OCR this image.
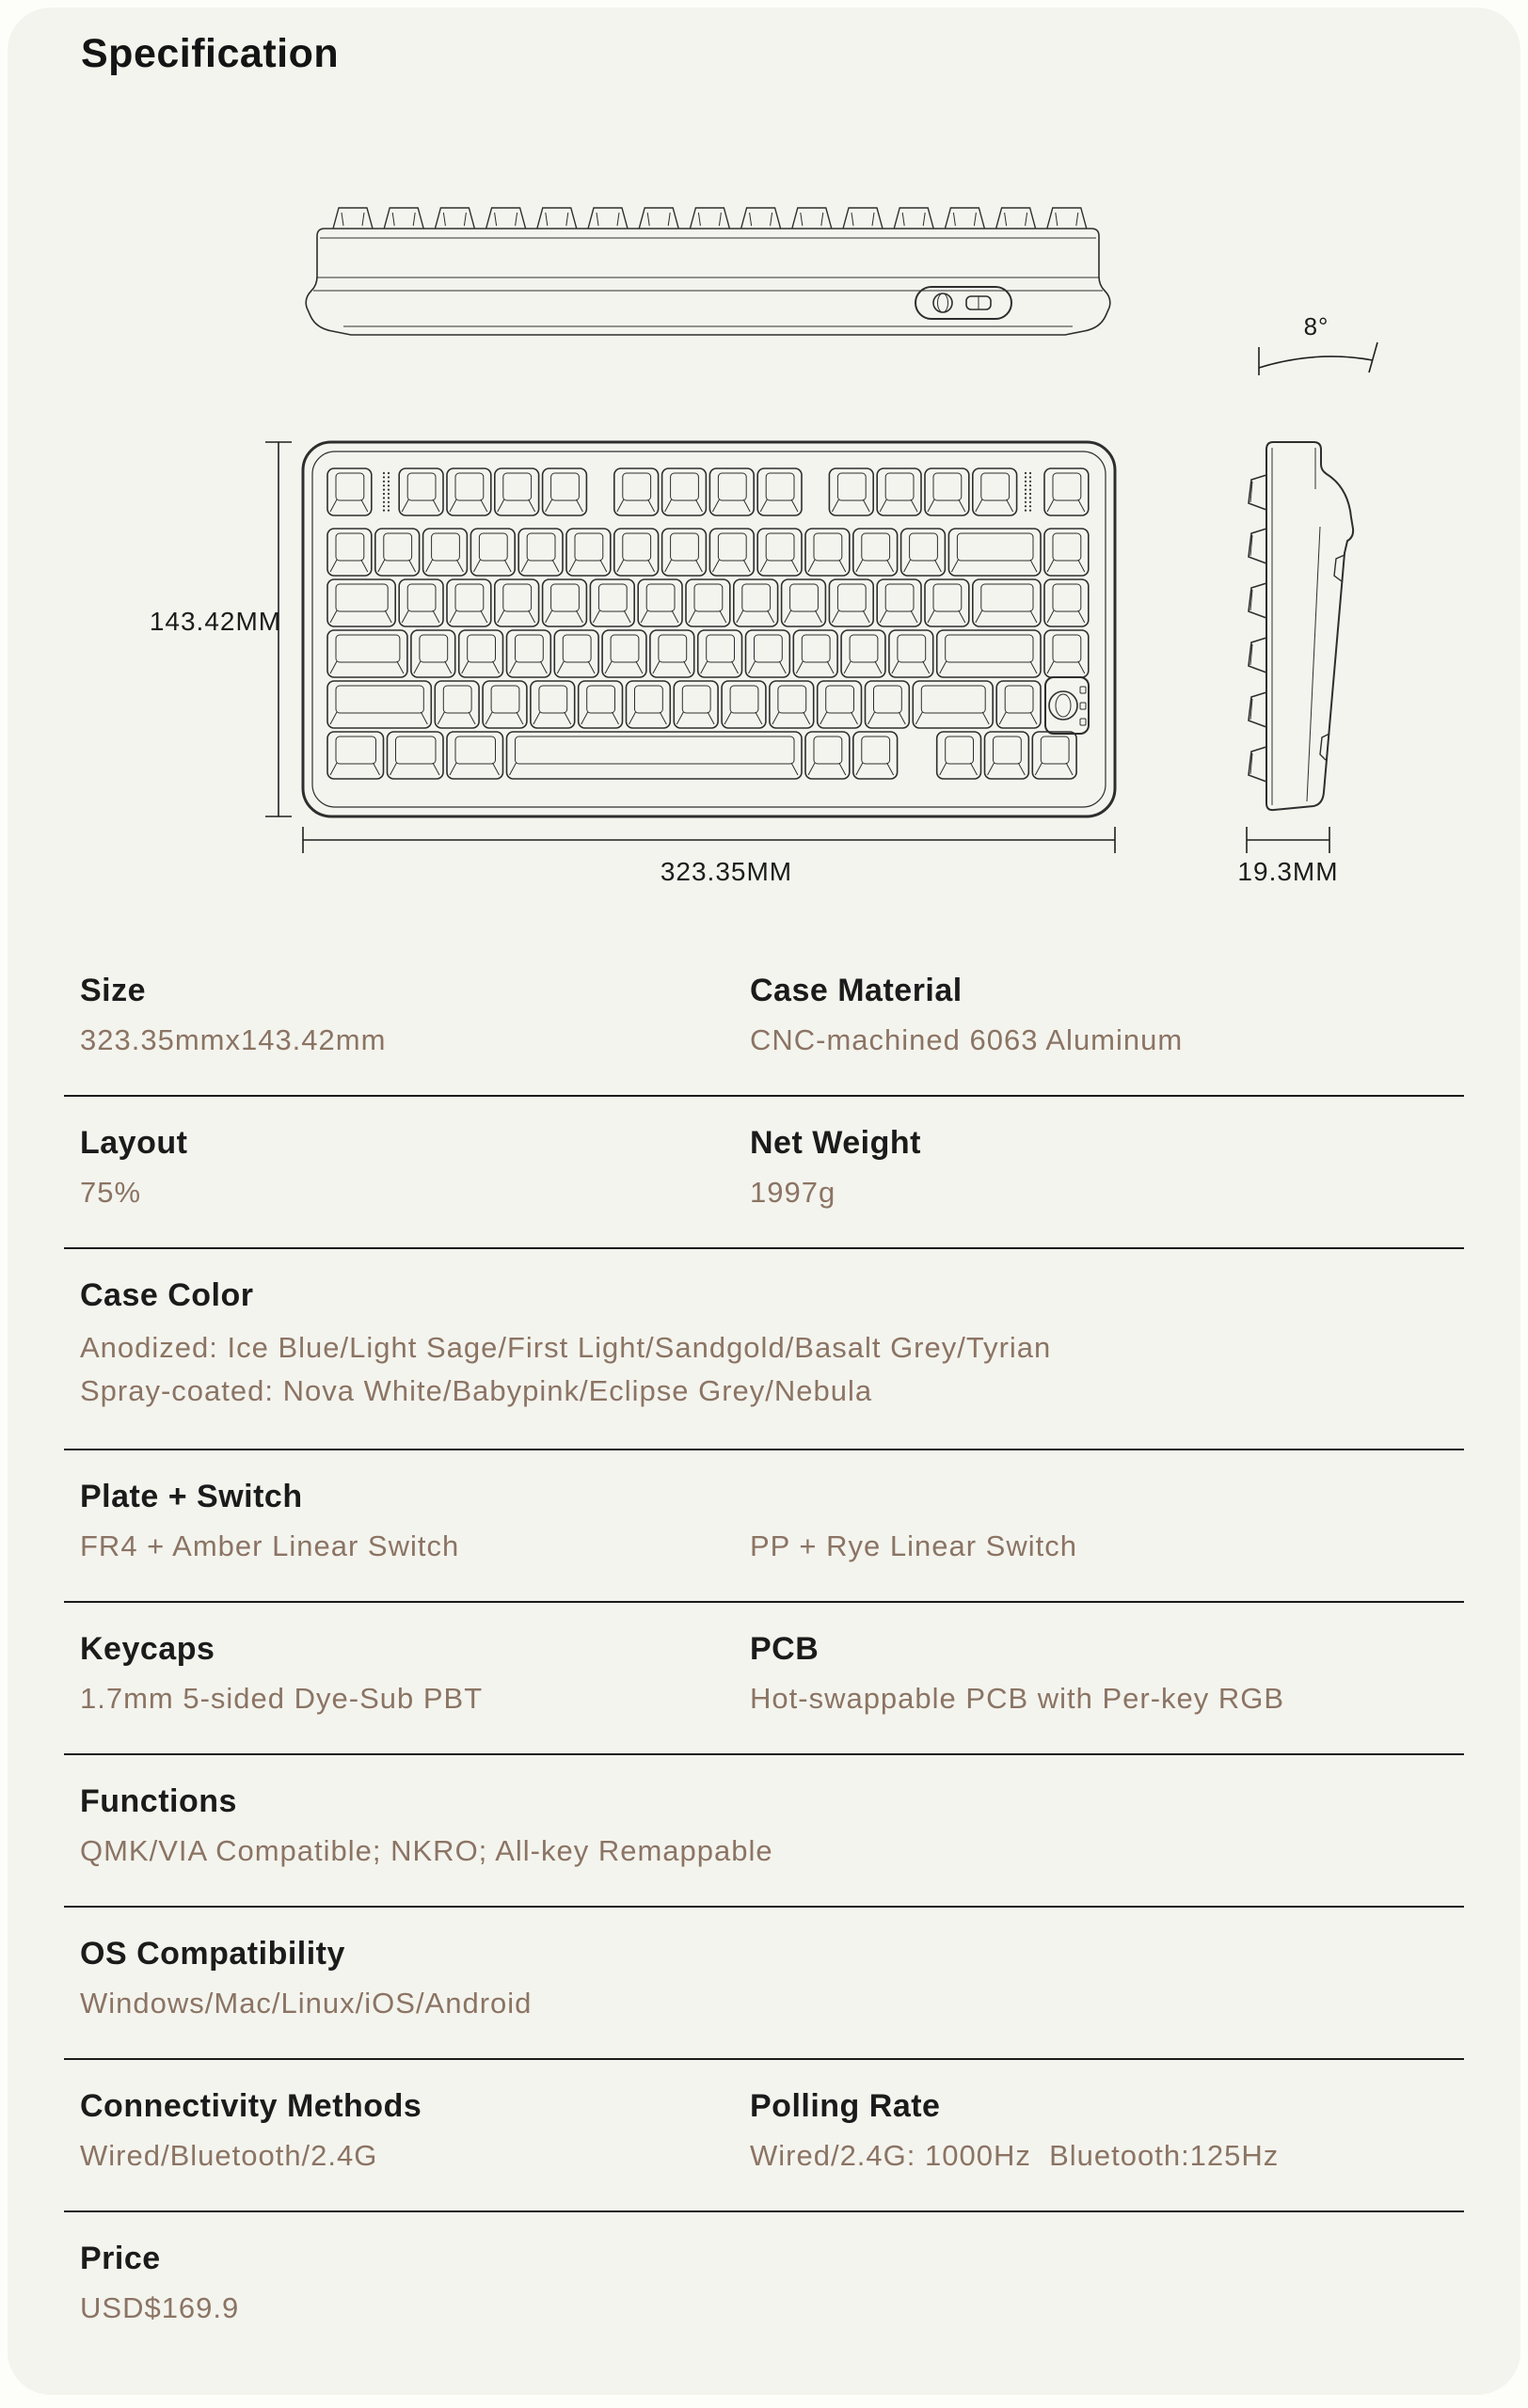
Specification
143.42MM
323.35MM	19.3MM
8°
Size
323.35mmx143.42mm
Case Material
CNC-machined 6063 Aluminum
Layout
75%
Net Weight
1997g
Case Color
Anodized: Ice Blue/Light Sage/First Light/Sandgold/Basalt Grey/Tyrian
Spray-coated: Nova White/Babypink/Eclipse Grey/Nebula
Plate + Switch
FR4 + Amber Linear Switch	PP + Rye Linear Switch
Keycaps
1.7mm 5-sided Dye-Sub PBT
PCB
Hot-swappable PCB with Per-key RGB
Functions
QMK/VIA Compatible; NKRO; All-key Remappable
OS Compatibility
Windows/Mac/Linux/iOS/Android
Connectivity Methods
Wired/Bluetooth/2.4G
Polling Rate
Wired/2.4G: 1000Hz  Bluetooth:125Hz
Price
USD$169.9
